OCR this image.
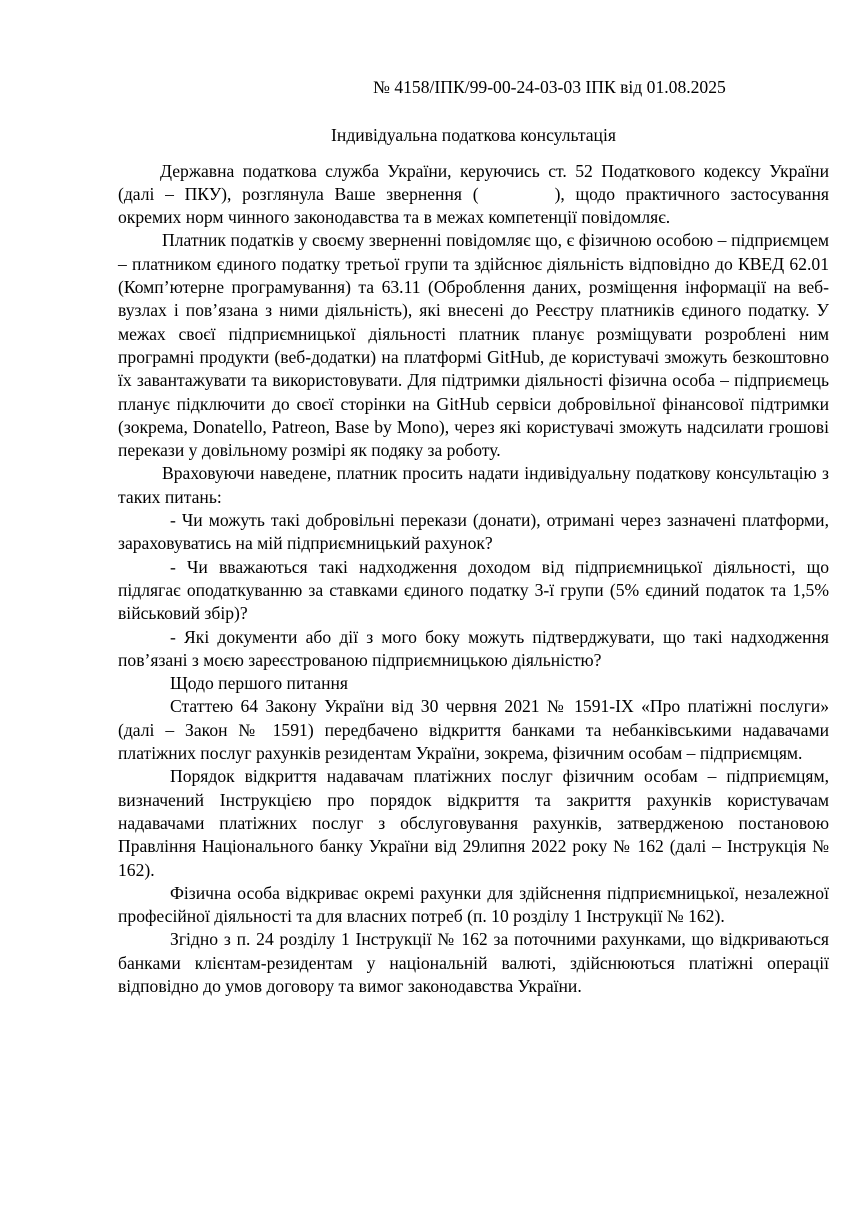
№ 4158/ІПК/99-00-24-03-03 ІПК від 01.08.2025
Індивідуальна податкова консультація

Державна податкова служба України, керуючись ст. 52 Податкового кодексу України (далі – ПКУ), розглянула Ваше звернення (	), щодо практичного застосування окремих норм чинного законодавства та в межах компетенції повідомляє.

Платник податків у своєму зверненні повідомляє що, є фізичною особою – підприємцем – платником єдиного податку третьої групи та здійснює діяльність відповідно до КВЕД 62.01 (Комп’ютерне програмування) та 63.11 (Оброблення даних, розміщення інформації на веб-вузлах і пов’язана з ними діяльність), які внесені до Реєстру платників єдиного податку. У межах своєї підприємницької діяльності платник планує розміщувати розроблені ним програмні продукти (веб-додатки) на платформі GitHub, де користувачі зможуть безкоштовно їх завантажувати та використовувати. Для підтримки діяльності фізична особа – підприємець планує підключити до своєї сторінки на GitHub сервіси добровільної фінансової підтримки (зокрема, Donatello, Patreon, Base by Mono), через які користувачі зможуть надсилати грошові перекази у довільному розмірі як подяку за роботу.

Враховуючи наведене, платник просить надати індивідуальну податкову консультацію з таких питань:

- Чи можуть такі добровільні перекази (донати), отримані через зазначені платформи, зараховуватись на мій підприємницький рахунок?

- Чи вважаються такі надходження доходом від підприємницької діяльності, що підлягає оподаткуванню за ставками єдиного податку 3-ї групи (5% єдиний податок та 1,5% військовий збір)?

- Які документи або дії з мого боку можуть підтверджувати, що такі надходження пов’язані з моєю зареєстрованою підприємницькою діяльністю?

Щодо першого питання

Статтею 64 Закону України від 30 червня 2021 № 1591-ІХ «Про платіжні послуги» (далі – Закон № 1591) передбачено відкриття банками та небанківськими надавачами платіжних послуг рахунків резидентам України, зокрема, фізичним особам – підприємцям.

Порядок відкриття надавачам платіжних послуг фізичним особам – підприємцям, визначений Інструкцією про порядок відкриття та закриття рахунків користувачам надавачами платіжних послуг з обслуговування рахунків, затвердженою постановою Правління Національного банку України від 29липня 2022 року № 162 (далі – Інструкція № 162).

Фізична особа відкриває окремі рахунки для здійснення підприємницької, незалежної професійної діяльності та для власних потреб (п. 10 розділу 1 Інструкції № 162).

Згідно з п. 24 розділу 1 Інструкції № 162 за поточними рахунками, що відкриваються банками клієнтам-резидентам у національній валюті, здійснюються платіжні операції відповідно до умов договору та вимог законодавства України.
